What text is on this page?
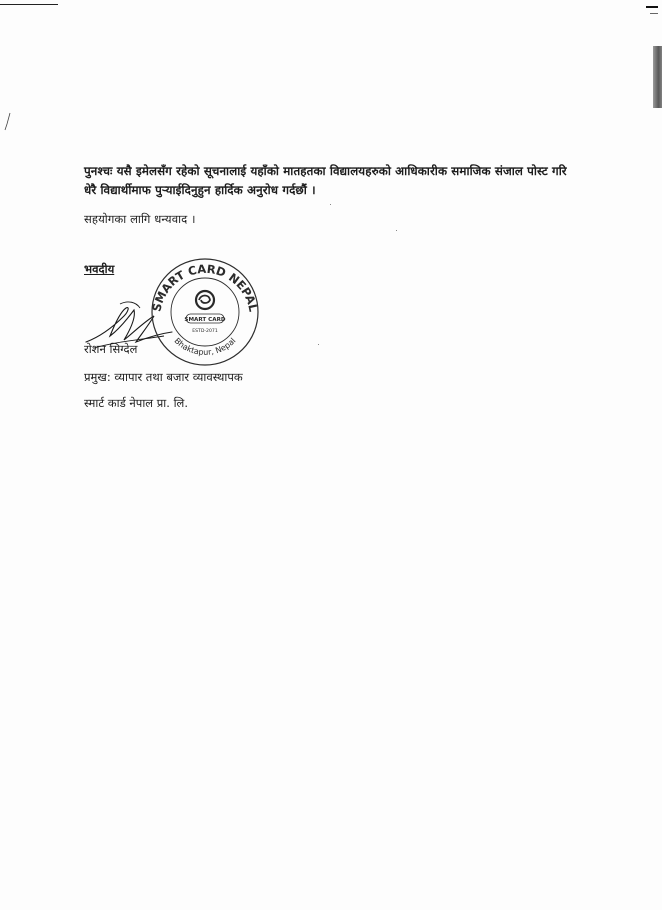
पुनश्चः यसै इमेलसँग रहेको सूचनालाई यहाँको मातहतका विद्यालयहरुको आधिकारीक समाजिक संजाल पोस्ट गरि धेरै विद्यार्थीमाफ पुर्‍याईदिनुहुन हार्दिक अनुरोध गर्दछौं ।
सहयोगका लागि धन्यवाद ।
भवदीय
SMART CARD NEPAL
Bhaktapur, Nepal
SMART CARD
ESTD-2071
रोशन सिग्देल
प्रमुख: व्यापार तथा बजार व्यावस्थापक
स्मार्ट कार्ड नेपाल प्रा. लि.
